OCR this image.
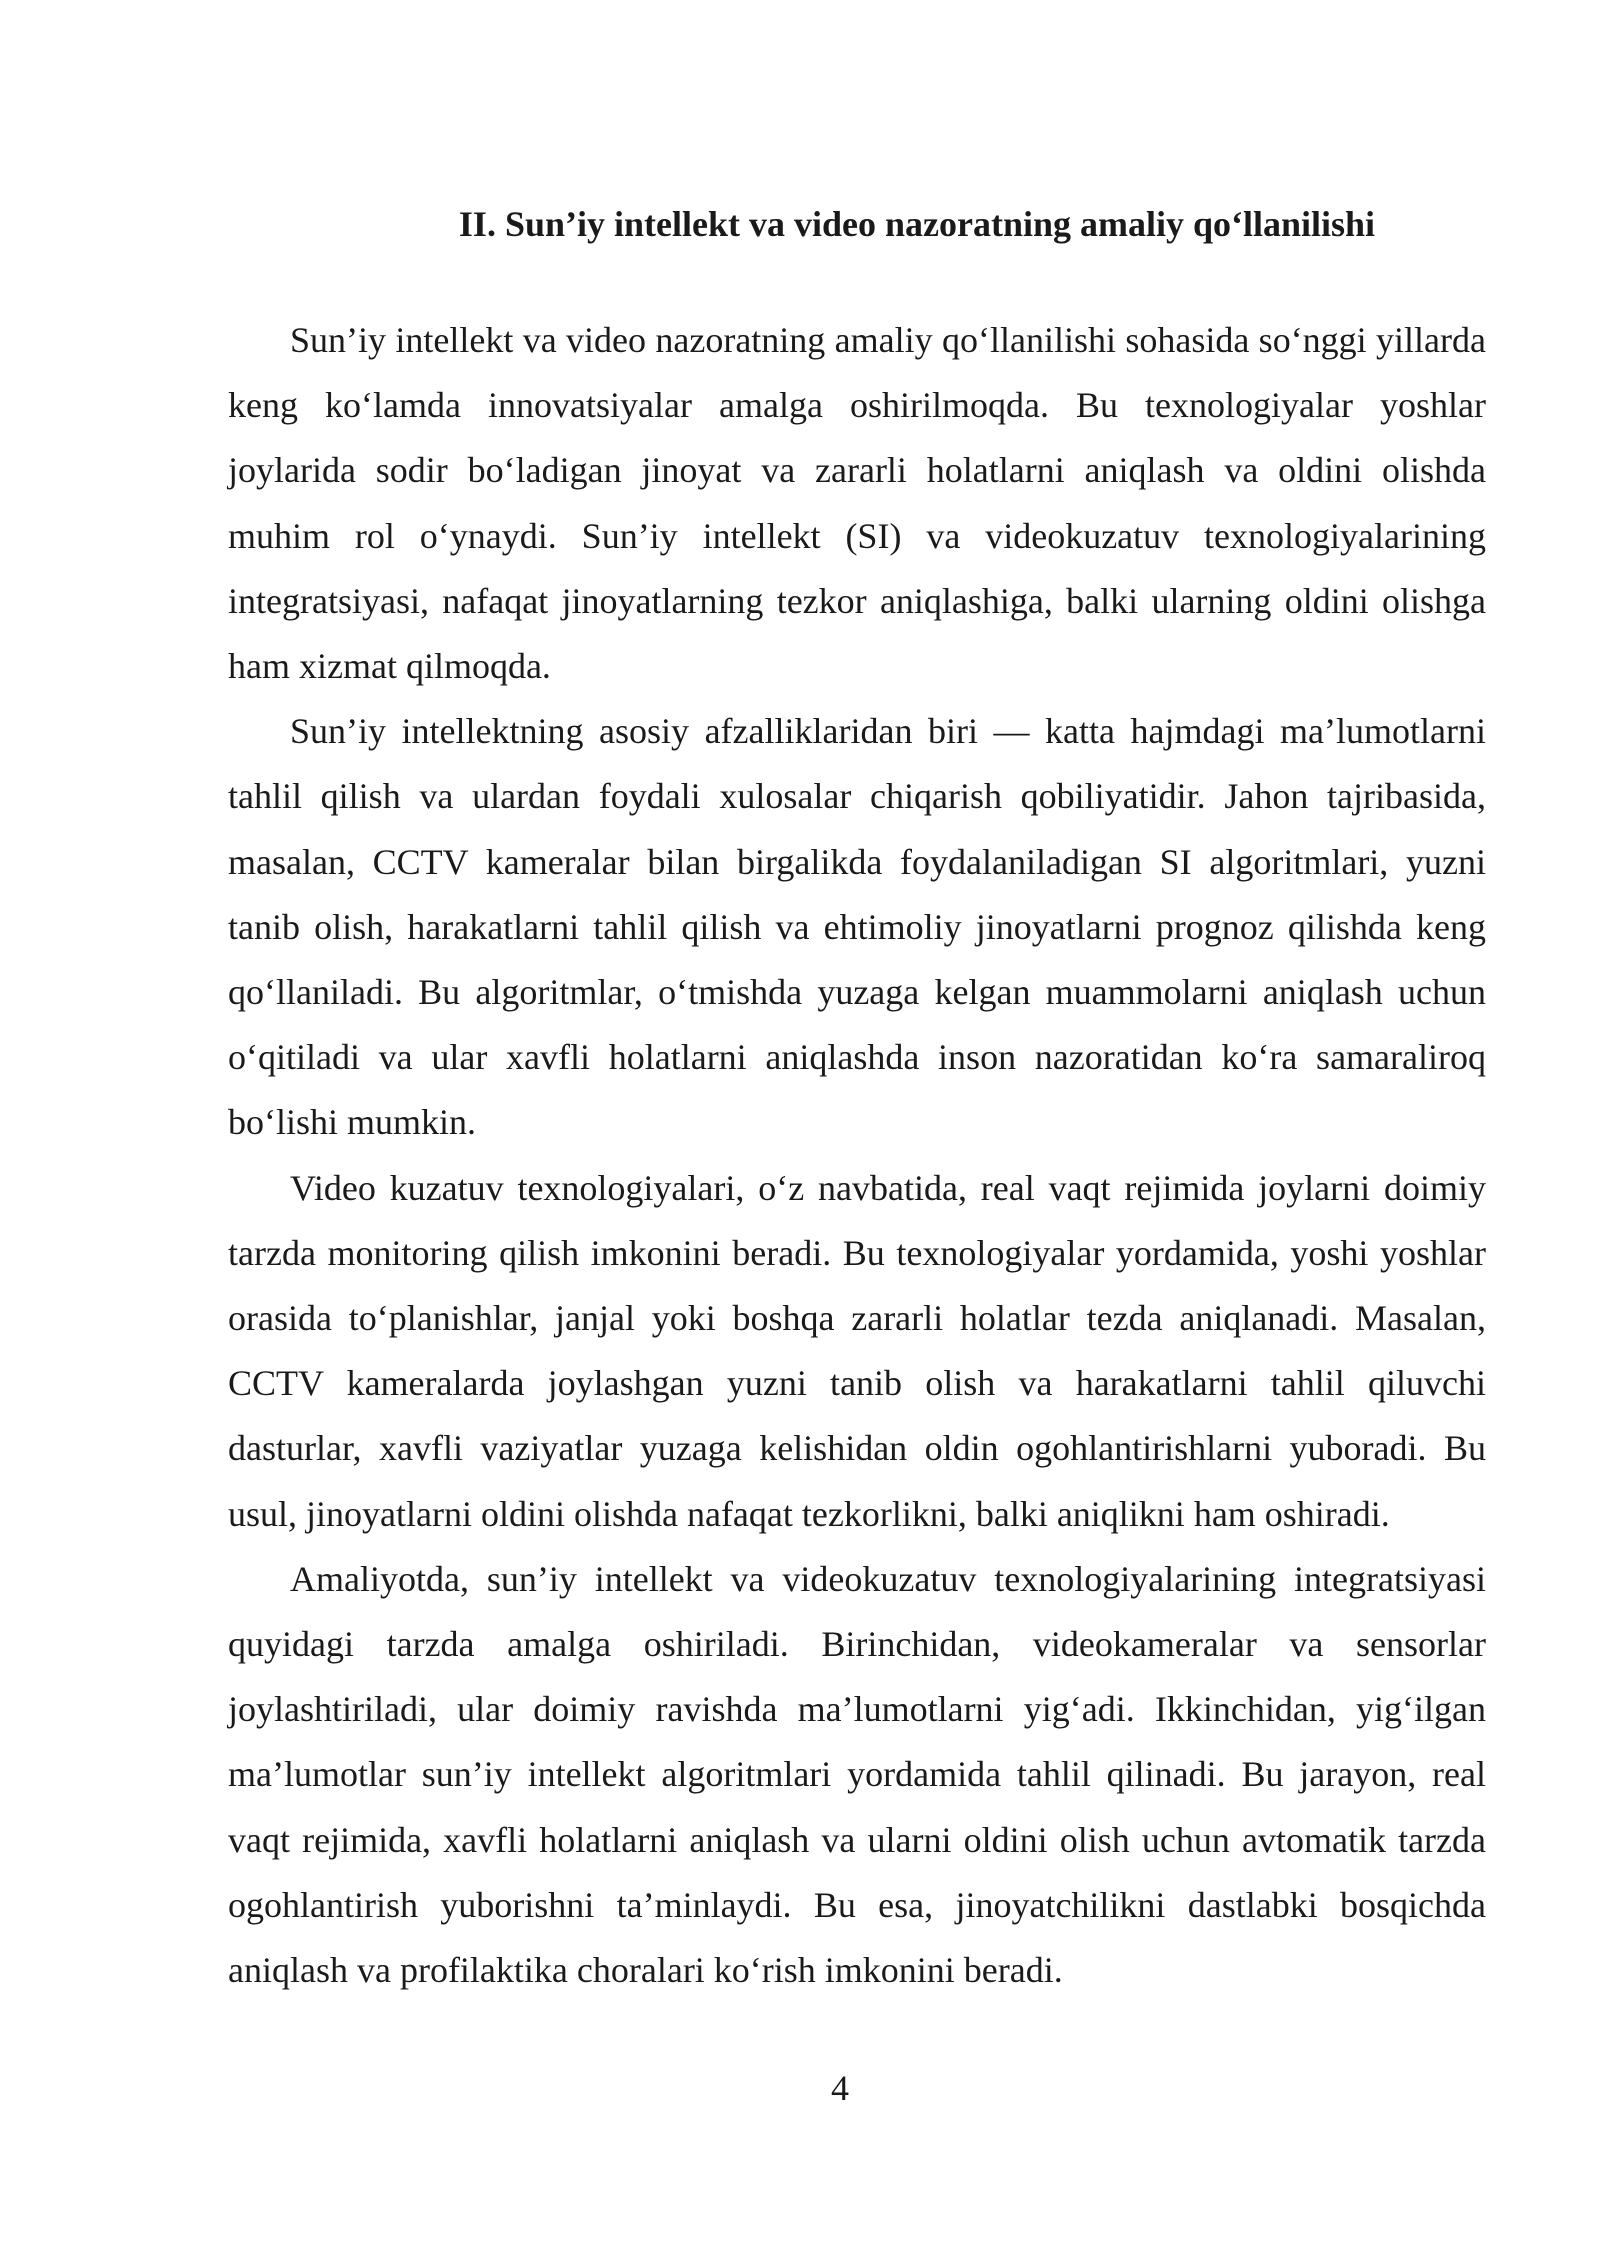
II. Sun’iy intellekt va video nazoratning amaliy qo‘llanilishi

Sun’iy intellekt va video nazoratning amaliy qo‘llanilishi sohasida so‘nggi yillarda keng ko‘lamda innovatsiyalar amalga oshirilmoqda. Bu texnologiyalar yoshlar joylarida sodir bo‘ladigan jinoyat va zararli holatlarni aniqlash va oldini olishda muhim rol o‘ynaydi. Sun’iy intellekt (SI) va videokuzatuv texnologiyalarining integratsiyasi, nafaqat jinoyatlarning tezkor aniqlashiga, balki ularning oldini olishga ham xizmat qilmoqda.

Sun’iy intellektning asosiy afzalliklaridan biri — katta hajmdagi ma’lumotlarni tahlil qilish va ulardan foydali xulosalar chiqarish qobiliyatidir. Jahon tajribasida, masalan, CCTV kameralar bilan birgalikda foydalaniladigan SI algoritmlari, yuzni tanib olish, harakatlarni tahlil qilish va ehtimoliy jinoyatlarni prognoz qilishda keng qo‘llaniladi. Bu algoritmlar, o‘tmishda yuzaga kelgan muammolarni aniqlash uchun o‘qitiladi va ular xavfli holatlarni aniqlashda inson nazoratidan ko‘ra samaraliroq bo‘lishi mumkin.

Video kuzatuv texnologiyalari, o‘z navbatida, real vaqt rejimida joylarni doimiy tarzda monitoring qilish imkonini beradi. Bu texnologiyalar yordamida, yoshi yoshlar orasida to‘planishlar, janjal yoki boshqa zararli holatlar tezda aniqlanadi. Masalan, CCTV kameralarda joylashgan yuzni tanib olish va harakatlarni tahlil qiluvchi dasturlar, xavfli vaziyatlar yuzaga kelishidan oldin ogohlantirishlarni yuboradi. Bu usul, jinoyatlarni oldini olishda nafaqat tezkorlikni, balki aniqlikni ham oshiradi.

Amaliyotda, sun’iy intellekt va videokuzatuv texnologiyalarining integratsiyasi quyidagi tarzda amalga oshiriladi. Birinchidan, videokameralar va sensorlar joylashtiriladi, ular doimiy ravishda ma’lumotlarni yig‘adi. Ikkinchidan, yig‘ilgan ma’lumotlar sun’iy intellekt algoritmlari yordamida tahlil qilinadi. Bu jarayon, real vaqt rejimida, xavfli holatlarni aniqlash va ularni oldini olish uchun avtomatik tarzda ogohlantirish yuborishni ta’minlaydi. Bu esa, jinoyatchilikni dastlabki bosqichda aniqlash va profilaktika choralari ko‘rish imkonini beradi.

4
